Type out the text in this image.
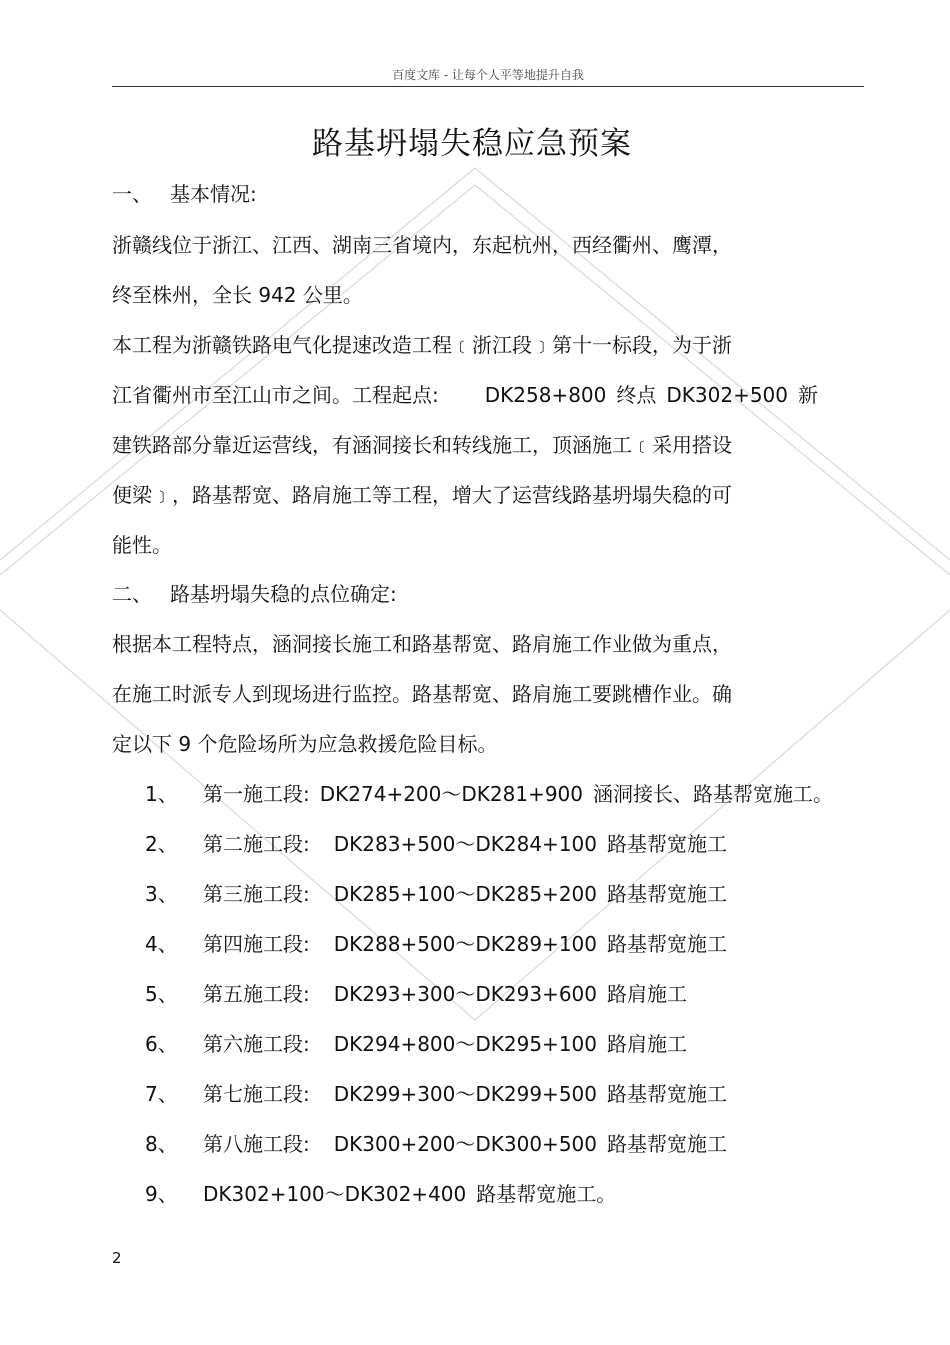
百度文库 - 让每个人平等地提升自我
路基坍塌失稳应急预案
一、 基本情况:
浙赣线位于浙江、江西、湖南三省境内，东起杭州，西经衢州、鹰潭，
终至株州，全长 942 公里。
本工程为浙赣铁路电气化提速改造工程﹝浙江段﹞第十一标段，为于浙
江省衢州市至江山市之间。工程起点: DK258+800 终点 DK302+500 新
建铁路部分靠近运营线，有涵洞接长和转线施工，顶涵施工﹝采用搭设
便梁﹞，路基帮宽、路肩施工等工程，增大了运营线路基坍塌失稳的可
能性。
二、 路基坍塌失稳的点位确定:
根据本工程特点，涵洞接长施工和路基帮宽、路肩施工作业做为重点，
在施工时派专人到现场进行监控。路基帮宽、路肩施工要跳槽作业。确
定以下 9 个危险场所为应急救援危险目标。
1、 第一施工段: DK274+200～DK281+900 涵洞接长、路基帮宽施工。
2、 第二施工段: DK283+500～DK284+100 路基帮宽施工
3、 第三施工段: DK285+100～DK285+200 路基帮宽施工
4、 第四施工段: DK288+500～DK289+100 路基帮宽施工
5、 第五施工段: DK293+300～DK293+600 路肩施工
6、 第六施工段: DK294+800～DK295+100 路肩施工
7、 第七施工段: DK299+300～DK299+500 路基帮宽施工
8、 第八施工段: DK300+200～DK300+500 路基帮宽施工
9、 DK302+100～DK302+400 路基帮宽施工。
2
